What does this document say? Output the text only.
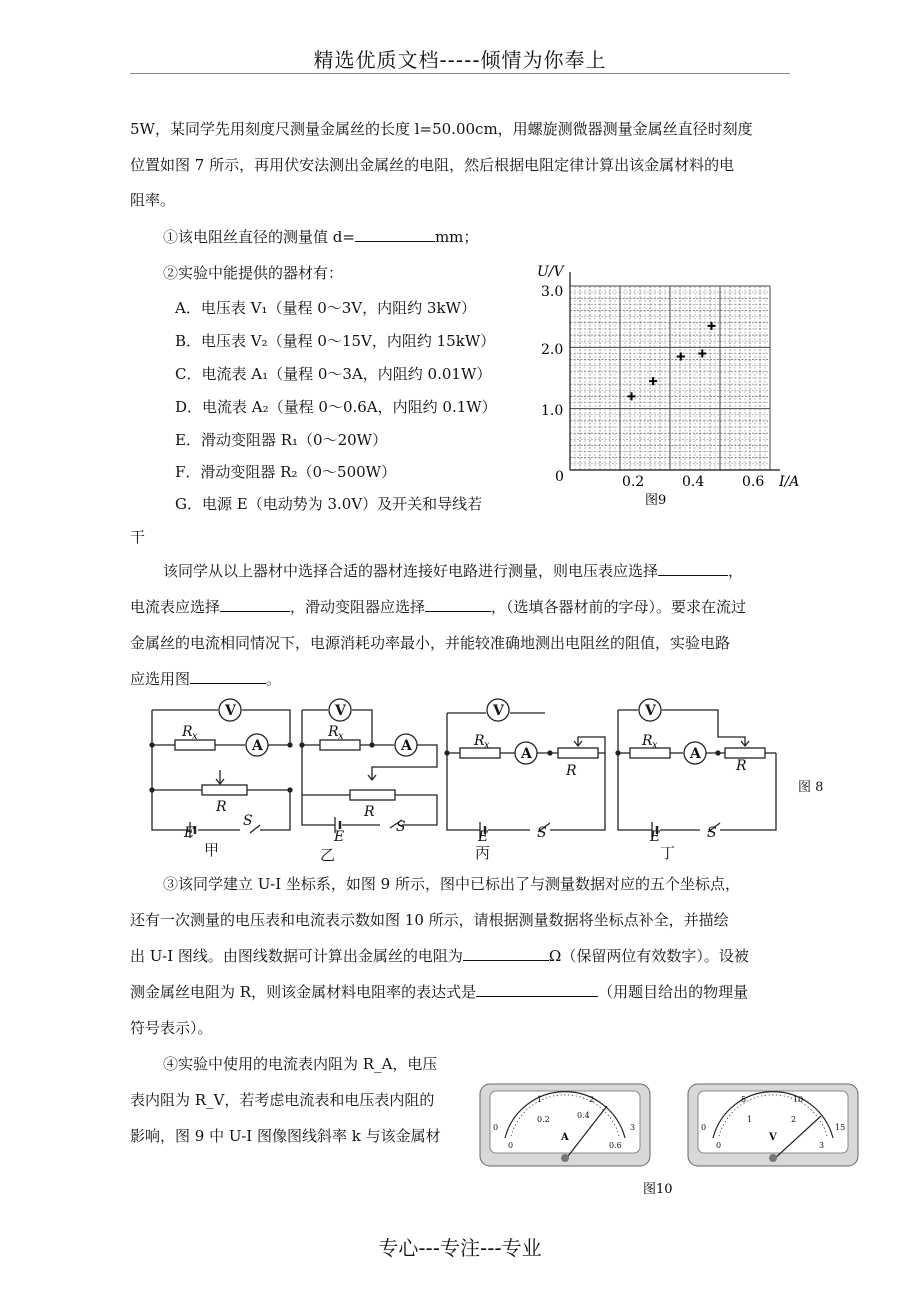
精选优质文档-----倾情为你奉上
5W，某同学先用刻度尺测量金属丝的长度 l=50.00cm，用螺旋测微器测量金属丝直径时刻度
位置如图 7 所示，再用伏安法测出金属丝的电阻，然后根据电阻定律计算出该金属材料的电
阻率。
①该电阻丝直径的测量值 d=	mm；
②实验中能提供的器材有：
A．电压表 V₁（量程 0～3V，内阻约 3kW）
B．电压表 V₂（量程 0～15V，内阻约 15kW）
C．电流表 A₁（量程 0～3A，内阻约 0.01W）
D．电流表 A₂（量程 0～0.6A，内阻约 0.1W）
E．滑动变阻器 R₁（0～20W）
F．滑动变阻器 R₂（0～500W）
G．电源 E（电动势为 3.0V）及开关和导线若
干
U/V
3.0
2.0
1.0
0	0.2	0.4	0.6 I/A
图9
该同学从以上器材中选择合适的器材连接好电路进行测量，则电压表应选择	，
电流表应选择	，滑动变阻器应选择	，（选填各器材前的字母）。要求在流过
金属丝的电流相同情况下，电源消耗功率最小，并能较准确地测出电阻丝的阻值，实验电路
应选用图	。
V
A
R x
R
E
S
甲
V
A
R x
R
E
S
乙
V
A
R x
R
E	S
丙
V
A
R x
R
E	S
丁
图 8
③该同学建立 U-I 坐标系，如图 9 所示，图中已标出了与测量数据对应的五个坐标点，
还有一次测量的电压表和电流表示数如图 10 所示，请根据测量数据将坐标点补全，并描绘
出 U-I 图线。由图线数据可计算出金属丝的电阻为	Ω（保留两位有效数字）。设被
测金属丝电阻为 R，则该金属材料电阻率的表达式是	（用题目给出的物理量
符号表示）。
④实验中使用的电流表内阻为 R_A，电压
表内阻为 R_V，若考虑电流表和电压表内阻的
影响，图 9 中 U-I 图像图线斜率 k 与该金属材	0
1	2
3
0
0.2	0.4
0.6
A
0
5	10
15
0
1	2
3
V
图10
专心---专注---专业
